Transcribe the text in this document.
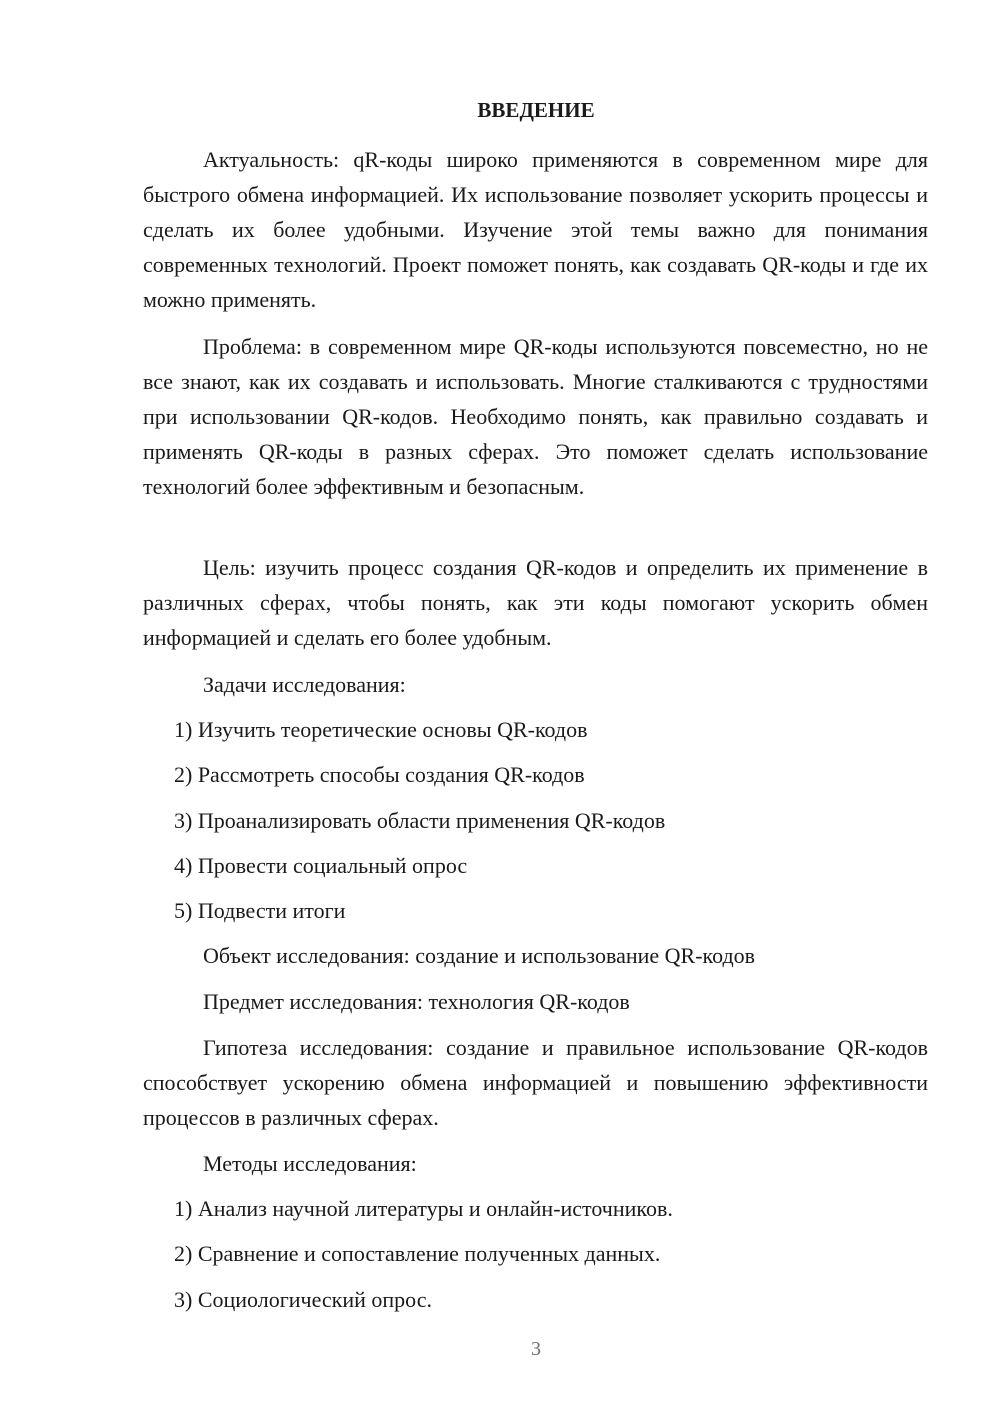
ВВЕДЕНИЕ
Актуальность: qR-коды широко применяются в современном мире для быстрого обмена информацией. Их использование позволяет ускорить процессы и сделать их более удобными. Изучение этой темы важно для понимания современных технологий. Проект поможет понять, как создавать QR-коды и где их можно применять.
Проблема: в современном мире QR-коды используются повсеместно, но не все знают, как их создавать и использовать. Многие сталкиваются с трудностями при использовании QR-кодов. Необходимо понять, как правильно создавать и применять QR-коды в разных сферах. Это поможет сделать использование технологий более эффективным и безопасным.
Цель: изучить процесс создания QR-кодов и определить их применение в различных сферах, чтобы понять, как эти коды помогают ускорить обмен информацией и сделать его более удобным.
Задачи исследования:
1) Изучить теоретические основы QR-кодов
2) Рассмотреть способы создания QR-кодов
3) Проанализировать области применения QR-кодов
4) Провести социальный опрос
5) Подвести итоги
Объект исследования: создание и использование QR-кодов
Предмет исследования: технология QR-кодов
Гипотеза исследования: создание и правильное использование QR-кодов способствует ускорению обмена информацией и повышению эффективности процессов в различных сферах.
Методы исследования:
1) Анализ научной литературы и онлайн-источников.
2) Сравнение и сопоставление полученных данных.
3) Социологический опрос.
3
